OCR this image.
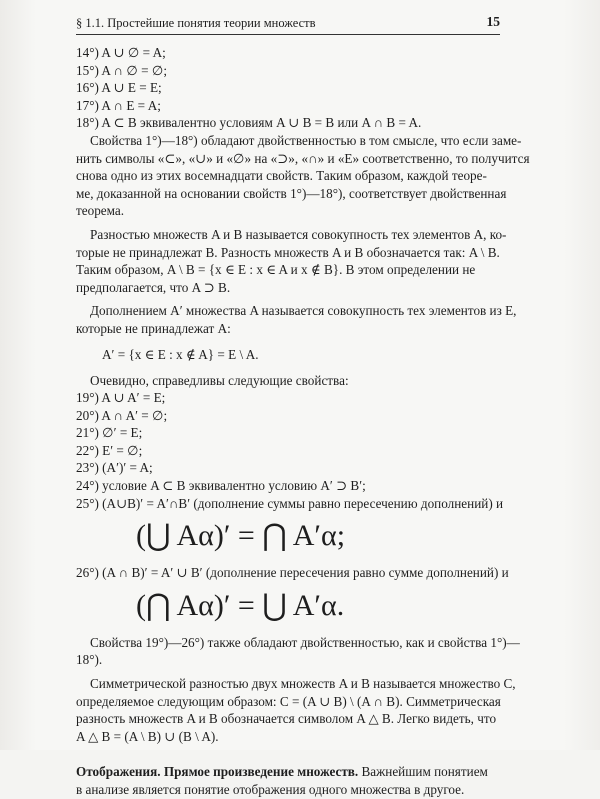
§ 1.1. Простейшие понятия теории множеств	15
14°) A ∪ ∅ = A;
15°) A ∩ ∅ = ∅;
16°) A ∪ E = E;
17°) A ∩ E = A;
18°) A ⊂ B эквивалентно условиям A ∪ B = B или A ∩ B = A.
Свойства 1°)—18°) обладают двойственностью в том смысле, что если заме-
нить символы «⊂», «∪» и «∅» на «⊃», «∩» и «E» соответственно, то получится
снова одно из этих восемнадцати свойств. Таким образом, каждой теоре-
ме, доказанной на основании свойств 1°)—18°), соответствует двойственная
теорема.
Разностью множеств A и B называется совокупность тех элементов A, ко-
торые не принадлежат B. Разность множеств A и B обозначается так: A \ B.
Таким образом, A \ B = {x ∈ E : x ∈ A и x ∉ B}. В этом определении не
предполагается, что A ⊃ B.
Дополнением A′ множества A называется совокупность тех элементов из E,
которые не принадлежат A:
A′ = {x ∈ E : x ∉ A} = E \ A.
Очевидно, справедливы следующие свойства:
19°) A ∪ A′ = E;
20°) A ∩ A′ = ∅;
21°) ∅′ = E;
22°) E′ = ∅;
23°) (A′)′ = A;
24°) условие A ⊂ B эквивалентно условию A′ ⊃ B′;
25°) (A∪B)′ = A′∩B′ (дополнение суммы равно пересечению дополнений) и
(⋃ Aα)′ = ⋂ A′α;
26°) (A ∩ B)′ = A′ ∪ B′ (дополнение пересечения равно сумме дополнений) и
(⋂ Aα)′ = ⋃ A′α.
Свойства 19°)—26°) также обладают двойственностью, как и свойства 1°)—
18°).
Симметрической разностью двух множеств A и B называется множество C,
определяемое следующим образом: C = (A ∪ B) \ (A ∩ B). Симметрическая
разность множеств A и B обозначается символом A △ B. Легко видеть, что
A △ B = (A \ B) ∪ (B \ A).
Отображения. Прямое произведение множеств. Важнейшим понятием
в анализе является понятие отображения одного множества в другое.
